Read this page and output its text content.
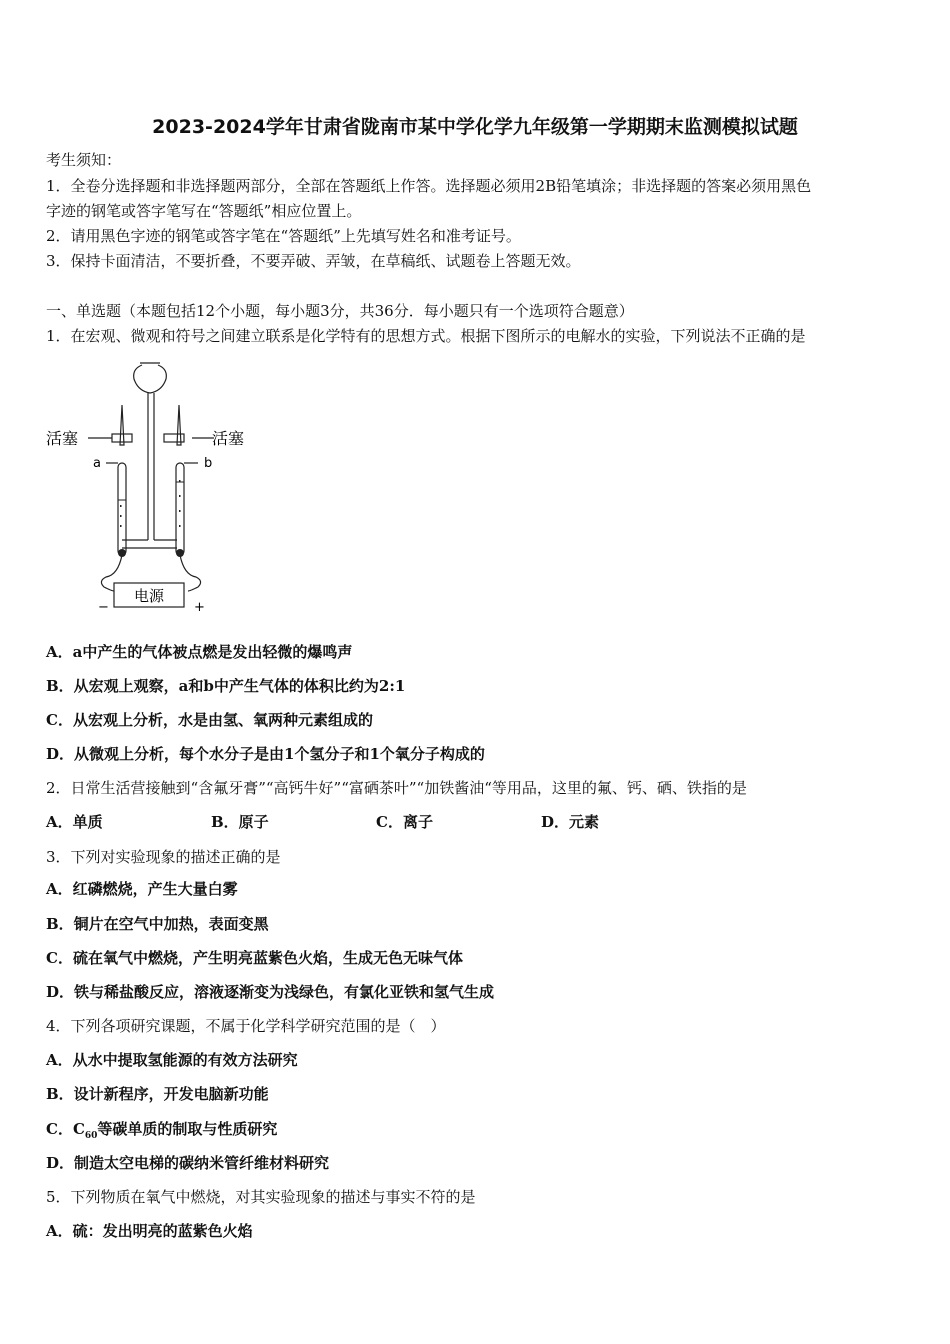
2023-2024学年甘肃省陇南市某中学化学九年级第一学期期末监测模拟试题
考生须知：
1．全卷分选择题和非选择题两部分，全部在答题纸上作答。选择题必须用2B铅笔填涂；非选择题的答案必须用黑色
字迹的钢笔或答字笔写在“答题纸”相应位置上。
2．请用黑色字迹的钢笔或答字笔在“答题纸”上先填写姓名和准考证号。
3．保持卡面清洁，不要折叠，不要弄破、弄皱，在草稿纸、试题卷上答题无效。
一、单选题（本题包括12个小题，每小题3分，共36分．每小题只有一个选项符合题意）
1．在宏观、微观和符号之间建立联系是化学特有的思想方式。根据下图所示的电解水的实验，下列说法不正确的是
活塞	活塞
a	b
电源
−	+
A．a中产生的气体被点燃是发出轻微的爆鸣声
B．从宏观上观察，a和b中产生气体的体积比约为2:1
C．从宏观上分析，水是由氢、氧两种元素组成的
D．从微观上分析，每个水分子是由1个氢分子和1个氧分子构成的
2．日常生活营接触到“含氟牙膏”“高钙牛好”“富硒茶叶”“加铁酱油“等用品，这里的氟、钙、硒、铁指的是
A．单质	B．原子	C．离子	D．元素
3．下列对实验现象的描述正确的是
A．红磷燃烧，产生大量白雾
B．铜片在空气中加热，表面变黑
C．硫在氧气中燃烧，产生明亮蓝紫色火焰，生成无色无味气体
D．铁与稀盐酸反应，溶液逐渐变为浅绿色，有氯化亚铁和氢气生成
4．下列各项研究课题，不属于化学科学研究范围的是（　）
A．从水中提取氢能源的有效方法研究
B．设计新程序，开发电脑新功能
C．$C_{60}$等碳单质的制取与性质研究
D．制造太空电梯的碳纳米管纤维材料研究
5．下列物质在氧气中燃烧，对其实验现象的描述与事实不符的是
A．硫：发出明亮的蓝紫色火焰
